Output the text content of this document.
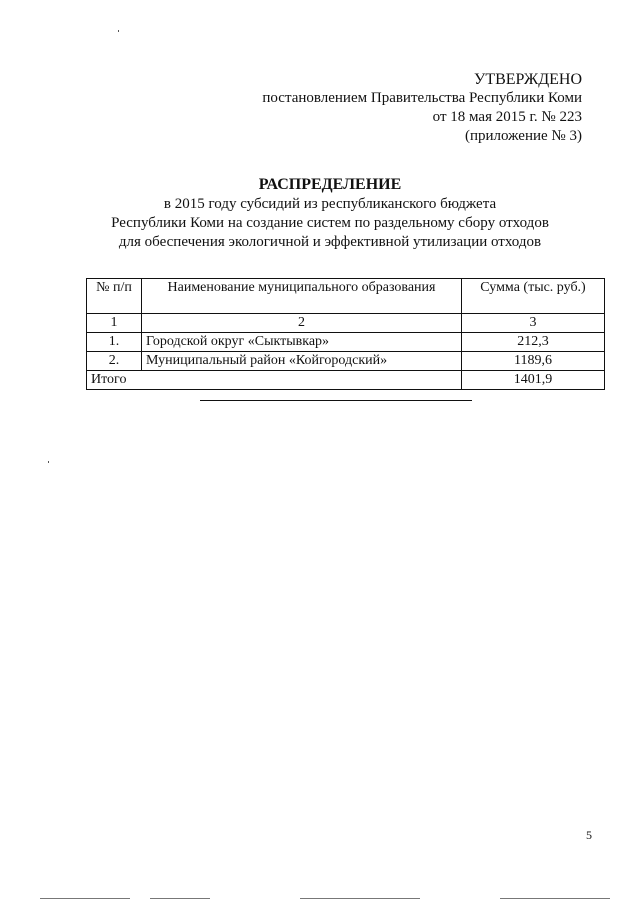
УТВЕРЖДЕНО
постановлением Правительства Республики Коми
от 18 мая 2015 г. № 223
(приложение № 3)
РАСПРЕДЕЛЕНИЕ
в 2015 году субсидий из республиканского бюджета
Республики Коми на создание систем по раздельному сбору отходов
для обеспечения экологичной и эффективной утилизации отходов
№ п/п	Наименование муниципального образования	Сумма (тыс. руб.)
1	2	3
1.	Городской округ «Сыктывкар»	212,3
2.	Муниципальный район «Койгородский»	1189,6
Итого		1401,9
5
